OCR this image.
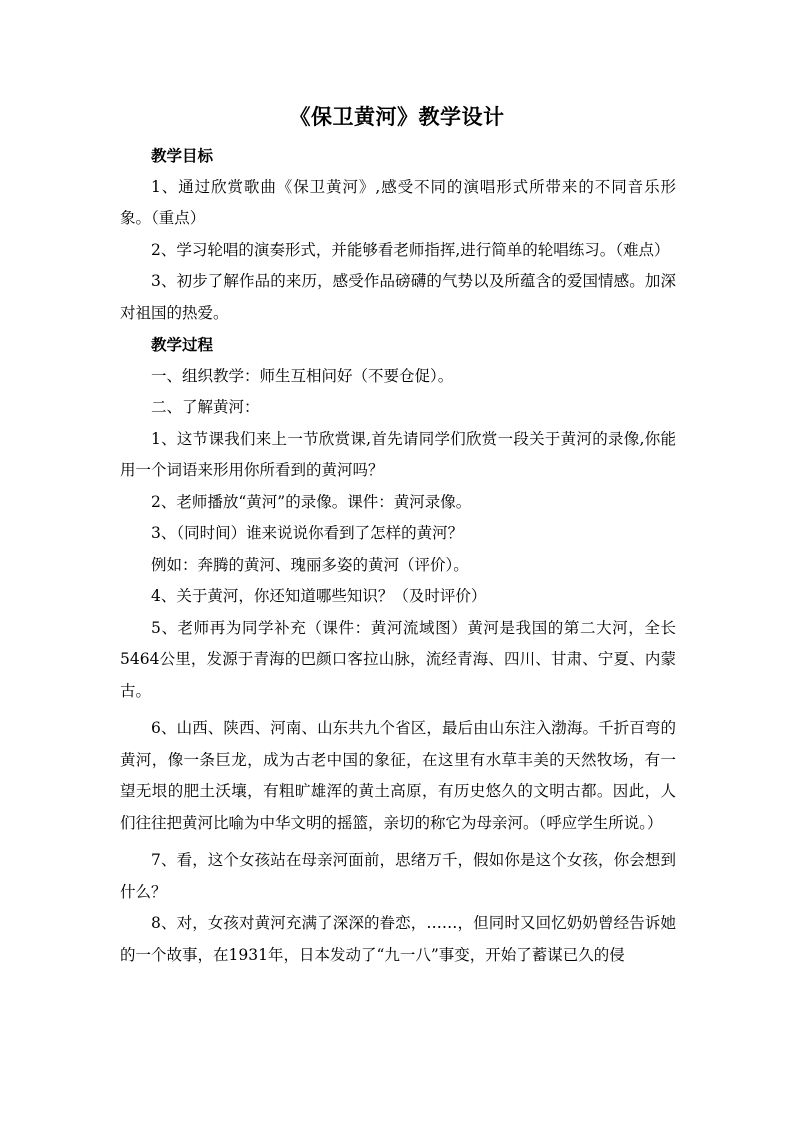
《保卫黄河》教学设计

教学目标

1、通过欣赏歌曲《保卫黄河》,感受不同的演唱形式所带来的不同音乐形象。（重点）

2、学习轮唱的演奏形式，并能够看老师指挥,进行简单的轮唱练习。（难点）

3、初步了解作品的来历，感受作品磅礴的气势以及所蕴含的爱国情感。加深对祖国的热爱。

教学过程

一、组织教学：师生互相问好（不要仓促）。

二、了解黄河：

1、这节课我们来上一节欣赏课,首先请同学们欣赏一段关于黄河的录像,你能用一个词语来形用你所看到的黄河吗？

2、老师播放“黄河”的录像。课件：黄河录像。

3、（同时间）谁来说说你看到了怎样的黄河？

例如：奔腾的黄河、瑰丽多姿的黄河（评价）。

4、关于黄河，你还知道哪些知识？（及时评价）

5、老师再为同学补充（课件：黄河流域图）黄河是我国的第二大河，全长5464公里，发源于青海的巴颜口客拉山脉，流经青海、四川、甘肃、宁夏、内蒙古。

6、山西、陕西、河南、山东共九个省区，最后由山东注入渤海。千折百弯的黄河，像一条巨龙，成为古老中国的象征，在这里有水草丰美的天然牧场，有一望无垠的肥土沃壤，有粗旷雄浑的黄土高原，有历史悠久的文明古都。因此，人们往往把黄河比喻为中华文明的摇篮，亲切的称它为母亲河。（呼应学生所说。）

7、看，这个女孩站在母亲河面前，思绪万千，假如你是这个女孩，你会想到什么？

8、对，女孩对黄河充满了深深的眷恋，……，但同时又回忆奶奶曾经告诉她的一个故事，在1931年，日本发动了“九一八”事变，开始了蓄谋已久的侵
